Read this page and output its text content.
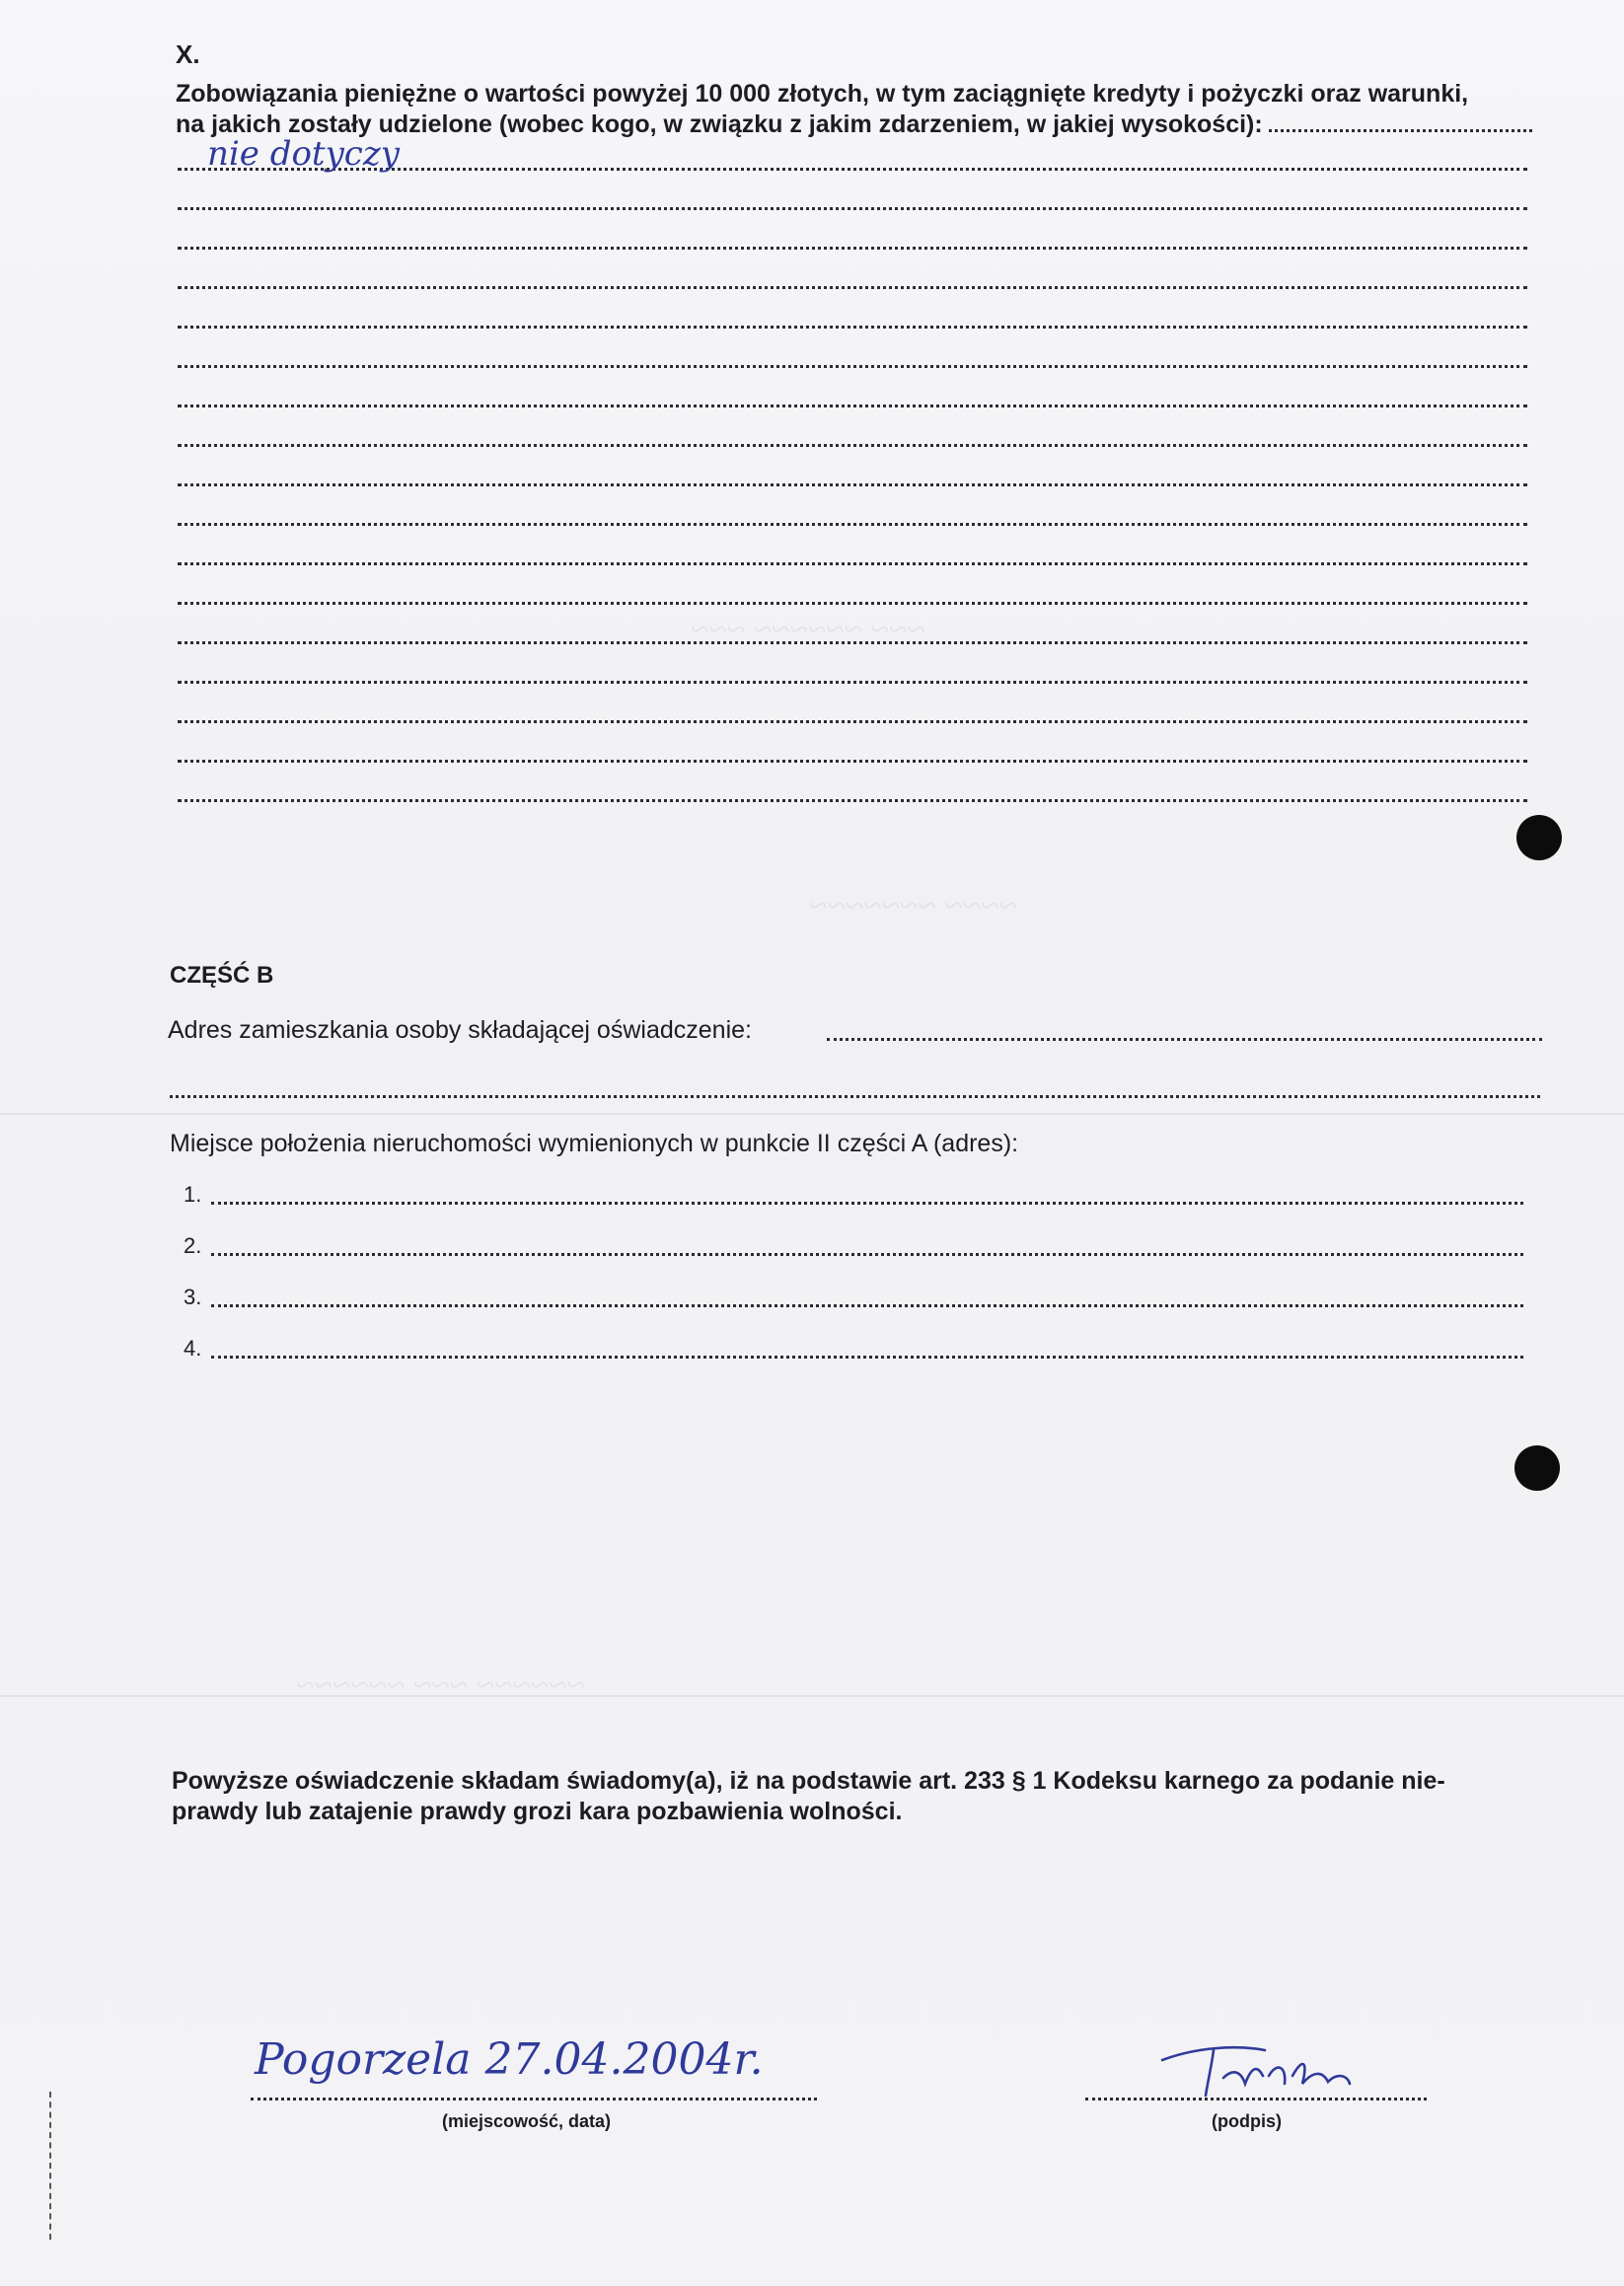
~~~ ~~~~~~ ~~~
~~~~ ~~~~~~~
~~~~~~ ~~~ ~~~~~~
X.
Zobowiązania pieniężne o wartości powyżej 10 000 złotych, w tym zaciągnięte kredyty i pożyczki oraz warunki,
na jakich zostały udzielone (wobec kogo, w związku z jakim zdarzeniem, w jakiej wysokości):
nie dotyczy
CZĘŚĆ B
Adres zamieszkania osoby składającej oświadczenie:
Miejsce położenia nieruchomości wymienionych w punkcie II części A (adres):
1.
2.
3.
4.
Powyższe oświadczenie składam świadomy(a), iż na podstawie art. 233 § 1 Kodeksu karnego za podanie nie-
prawdy lub zatajenie prawdy grozi kara pozbawienia wolności.
Pogorzela 27.04.2004r.
(miejscowość, data)	(podpis)
